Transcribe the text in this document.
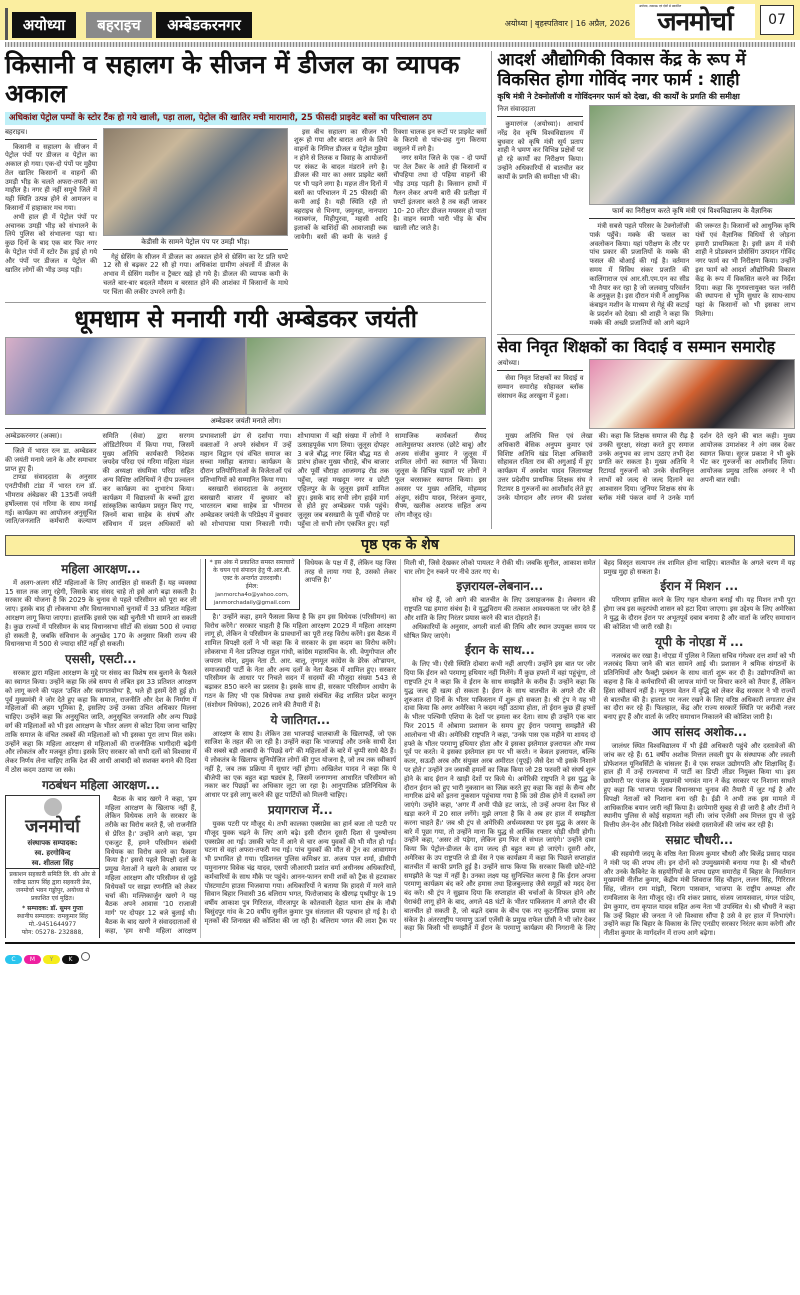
अयोध्या	बहराइच	अम्बेडकरनगर	अयोध्या | बृहस्पतिवार | 16 अप्रैल, 2026
अयोध्या, लखनऊ एवं दोनों से प्रकाशित
जनमोर्चा	07
किसानी व सहालग के सीजन में डीजल का व्यापक अकाल
अधिकांश पेट्रोल पम्पों के स्टोर टैंक हो गये खाली, पड़ा ताला, पेट्रोल की खातिर मची मारामारी, 25 फीसदी प्राइवेट बसों का परिचालन ठप
बहराइच।

किसानी व सहालग के सीजन में पेट्रोल पंपों पर डीजल व पेट्रोल का अकाल हो गया। एक-दो पंपों पर मुहैया तेल खातिर किसानों व वाहनों की उमड़ी भीड़ के चलते अफरा-तफरी का माहौल है। नगर ही नहीं समूचे जिले में यही स्थिति उत्पन्न होने से आमजन व किसानों में हाहाकार मच गया।

अभी हाल ही में पेट्रोल पंपों पर अचानक उमड़ी भीड़ को संभालने के लिये पुलिस को संभालना पड़ा था। कुछ दिनों के बाद एक बार फिर नगर के पेट्रोल पंपों में स्टोर टैंक ड्राई हो गये और पंपों पर डीजल व पेट्रोल की खातिर लोगों की भीड़ उमड़ पड़ी।

केडीसी के सामने पेट्रोल पंप पर उमड़ी भीड़।

गेहूं थ्रेसिंग के सीजन में डीजल का अकाल होने से थ्रेसिंग का रेट प्रति घण्टे 12 सौ से बढ़कर 22 सौ हो गया। अधिकांश ग्रामीण अंचलों में डीजल के अभाव में थ्रेसिंग मशीन व ट्रैक्टर खड़े हो गये है। डीजल की व्यापक कमी के चलते बार-बार बदलते मौसम व बरसात होने की आशंका में किसानों के माथे पर चिंता की लकीर उभरने लगी है।

इस बीच सहालग का सीजन भी शुरू हो गया और बारात आने के लिये वाहनों के निमित्त डीजल व पेट्रोल मुहैया न होने से तिलक व विवाह के आयोजनों पर संकट के बादल मंडराने लगे है। डीजल की मार का असर प्राइवेट बसों पर भी पड़ने लगा है। महज तीन दिनों में बसों का परिचालन में 25 फीसदी की कमी आई है। यही स्थिति रही तो बहराइच से भिनगा, जमुनहा, नानपारा नवाबगंज, मिहीपुरवा, महसी आदि इलाकों के बाशिंदों की आवाजाही रुक जायेगी। बसों की कमी के चलते ई रिक्शा चालक इन रूटों पर प्राइवेट बसों के किराये से पांच-छह गुना किराया वसूलने में लगे है।

नगर समेत जिले के एक - दो पम्पों पर तेल टैंकर के आते ही किसानों व चौपहिया तथा दो पहिया वाहनों की भीड़ उमड़ पड़ती है। किसान हाथों में गैलन लेकर अपनी बारी की प्रतीक्षा में घण्टों इंतजार करते है तब कहीं जाकर 10- 20 लीटर डीजल मयस्सर हो पाता है। वाहन स्वामी भारी भीड़ के बीच खाली लौट जाते है।

धूमधाम से मनायी गयी अम्बेडकर जयंती
अम्बेडकर जयंती मनाते लोग।
अम्बेडकरनगर (अक्स)।

जिले में भारत रत्न डा. अम्बेडकर की जयंती मनाये जाने के और समाचार प्राप्त हुए हैं।

टाण्डा संवाददाता के अनुसार एनटीपीसी टांडा में भारत रत्न डॉ. भीमराव अंबेडकर की 135वीं जयंती हर्षोल्लास एवं गरिमा के साथ मनाई गई। कार्यक्रम का आयोजन अनुसूचित जाति/जनजाति कर्मचारी कल्याण समिति (सेवा) द्वारा सरगम ऑडिटोरियम में किया गया, जिसमें मुख्य अतिथि कार्यकारी निदेशक जयदेव परिदा एवं गरिमा महिला मंडल की अध्यक्षा संघमित्रा परिदा सहित अन्य विशिष्ट अतिथियों ने दीप प्रज्वलन कर कार्यक्रम का शुभारंभ किया। कार्यक्रम में विद्यालयों के बच्चों द्वारा सांस्कृतिक कार्यक्रम प्रस्तुत किए गए, जिनमें बाबा साहेब के संघर्ष और संविधान में प्रदत्त अधिकारों को प्रभावशाली ढंग से दर्शाया गया। वक्ताओं ने अपने संबोधन में उन्हें महान विद्वान एवं वंचित समाज का सच्चा मसीहा बताया। कार्यक्रम के दौरान प्रतियोगिताओं के विजेताओं एवं प्रतिभागियों को सम्मानित किया गया।

बसखारी संवाददाता के अनुसार बसखारी बाजार में बुधवार को भारतरत्न बाबा साहेब डा भीमराव अम्बेडकर जयंती के परिप्रेक्ष्य में बुधवार को शोभायात्रा यात्रा निकाली गयी। शोभायात्रा में बड़ी संख्या में लोगों ने उत्साहपूर्वक भाग लिया। जुलूस दोपहर 3 बजे बौद्ध नगर स्थित बौद्ध मठ से प्रारंभ होकर मुख्य चौराहे, बीच बाजार और पूर्वी चौराहा आजमगढ़ रोड तक पहुँचा, जहां मखदूम नगर व छोटी एहिलपुर के के जुलूस इसमें शामिल हुए। इसके बाद सभी लोग हाईवे मार्ग से होते हुए अम्बेडकर पार्क पहुंचे। जुलूस जब बसखारी के पूर्वी चौराहे पर पहुँचा तो सभी लोग एकत्रित हुए। यहाँ सामाजिक कार्यकर्ता सैयद आलेमुस्तफा अशरफ (छोटे बाबू) और अजय संजीव कुमार ने जुलूस में शामिल लोगों का स्वागत भी किया। जुलूस के विभिन्न पड़ावों पर लोगों ने फूल बरसाकर स्वागत किया। इस अवसर पर मुख्य अतिथि, मोहम्मद अंजुम, संदीप यादव, निरंजन कुमार, सैफ्य, खलीक अशरफ सहित अन्य लोग मौजूद रहे।

आदर्श औद्योगिकी विकास केंद्र के रूप में
विकसित होगा गोविंद नगर फार्म : शाही
कृषि मंत्री ने टेक्नोलॉजी व गोविंदनगर फार्म को देखा, की कार्यों के प्रगति की समीक्षा
निज संवाददाता

कुमारगंज (अयोध्या)। आचार्य नरेंद्र देव कृषि विश्वविद्यालय में बुधवार को कृषि मंत्री सूर्य प्रताप शाही ने भ्रमण कर विभिन्न प्रक्षेत्रों पर हो रहे कार्यों का निरीक्षण किया। उन्होंने अधिकारियों से बातचीत कर कार्यों के प्रगति की समीक्षा भी की।

फार्म का निरीक्षण करते कृषि मंत्री एवं विश्वविद्यालय के वैज्ञानिक

मंत्री सबसे पहले परिसर के टेक्नोलॉजी पार्क पहुँचे। मक्के की फसल का अवलोकन किया। यहां परीक्षण के तौर पर पांच प्रकार की प्रजातियों के मक्के की फसल की बोआई की गई है। वर्तमान समय में विविध संकर प्रजाति की कालिंगाराज एवं आर.सी.एम.एन का सीड भी तैयार कर रहा है जो जलवायु परिवर्तन के अनुकूल है। इस दौरान मंत्री ने आधुनिक कंबाइन मशीन के माध्यम से गेहूं की कटाई के प्रदर्शन को देखा। श्री शाही ने कहा कि मक्के की अच्छी प्रजातियों को आगे बढ़ाने की जरूरत है। किसानों को आधुनिक कृषि यंत्रों एवं वैज्ञानिक विधियों से जोड़ना हमारी प्राथमिकता है। इसी क्रम में मंत्री शाही ने प्रोडक्शन प्रोसेसिंग उत्पादन गोविंद नगर फार्म का भी निरीक्षण किया। उन्होंने इस फार्म को आदर्श औद्योगिकी विकास केंद्र के रूप में विकसित करने का निर्देश दिया। कहा कि गुणवत्तायुक्त फल नर्सरी की स्थापना से भूमि सुधार के साथ-साथ यहां के किसानों को भी इसका लाभ मिलेगा।

सेवा निवृत शिक्षकों का विदाई व सम्मान समारोह
अयोध्या।

सेवा निवृत शिक्षकों का विदाई व सम्मान समारोह सोहावल ब्लॉक संसाधन केंद्र अरखुना में हुआ।

मुख्य अतिथि वित्त एवं लेखा अधिकारी बेसिक अनुपम कुमार एवं विशिष्ट अतिथि खंड शिक्षा अधिकारी सोहावल रविता राव की अगुआई में हुए कार्यक्रम में अवधेश यादव जिलाध्यक्ष उत्तर प्रदेशीय प्राथमिक शिक्षक संघ ने रिटायर 8 गुरुजनों का आशीर्वाद लेते हुए उनके योगदान और लगन की प्रशंसा की। कहा कि शिक्षक समाज की रीढ़ है उनकी सुरक्षा, संरक्षा करते हुए समाज उनके अनुभव का लाभ उठाए तभी देश प्रगति कर सकता है। मुख्य अतिथि ने रिटायर्ड गुरुजनों को उनके सेवानिवृत्त लाभों को जल्द से जल्द दिलाने का आश्वासन दिया। जूनियर शिक्षक संघ के ब्लॉक मंत्री पंकज वर्मा ने उनके मार्ग दर्शन देते रहने की बात कही। मुख्य आयोजक उमाशंकर ने अंग वस्त्र देकर स्वागत किया। सूरज प्रकाश ने भी बुके भेंट कर गुरुजनों का आशीर्वाद लिया। आयोजक प्रमुख तारिक अनवर ने भी अपनी बात रखी।

पृष्ठ एक के शेष
महिला आरक्षण...

में अलग-अलग सीटें महिलाओं के लिए आरक्षित हो सकती हैं। यह व्यवस्था 15 साल तक लागू रहेगी, जिसके बाद संसद चाहे तो इसे आगे बढ़ा सकती है। सरकार की योजना है कि 2029 के चुनाव से पहले परिसीमन को पूरा कर ली जाए। इसके बाद ही लोकसभा और विधानसभाओं चुनावों में 33 प्रतिशत महिला आरक्षण लागू किया जाएगा। हालांकि इससे एक बड़ी चुनौती भी सामने आ सकती है। कुछ राज्यों में परिसीमन के बाद विधानसभा सीटों की संख्या 500 से ज्यादा हो सकती है, जबकि संविधान के अनुच्छेद 170 के अनुसार किसी राज्य की विधानसभा में 500 से ज्यादा सीटें नहीं हो सकती।

एससी, एसटी...

सरकार द्वारा महिला आरक्षण के मुद्दे पर संसद का विशेष सत्र बुलाने के फैसले का स्वागत किया। उन्होंने कहा कि लंबे समय से लंबित इस 33 प्रतिशत आरक्षण को लागू करने की पहल 'उचित और स्वागतयोग्य' है, भले ही इसमें देरी हुई हो। पूर्व मुख्यमंत्री ने जोर देते हुए कहा कि समाज, राजनीति और देश के निर्माण में महिलाओं की अहम भूमिका है, इसलिए उन्हें उनका उचित अधिकार मिलना चाहिए। उन्होंने कहा कि अनुसूचित जाति, अनुसूचित जनजाति और अन्य पिछड़े वर्ग की महिलाओं को भी इस आरक्षण के भीतर अलग से कोटा दिया जाना चाहिए ताकि समाज के वंचित तबकों की महिलाओं को भी इसका पूरा लाभ मिल सके। उन्होंने कहा कि महिला आरक्षण से महिलाओं की राजनीतिक भागीदारी बढ़ेगी और लोकतंत्र और मजबूत होगा। इसके लिए सरकार को सभी दलों को विश्वास में लेकर निर्णय लेना चाहिए ताकि देश की आधी आबादी को सशक्त बनाने की दिशा में ठोस कदम उठाया जा सके।

गठबंधन महिला आरक्षण...
जनमोर्चा
संस्थापक सम्पादक:
स्व. हरगोविन्द
स्व. शीतला सिंह
प्रकाशन सहकारी समिति लि. की ओर से रवीन्द्र प्रताप सिंह द्वारा सहकारी प्रेस, जनमोर्चा भवन गड्डोपुर, अयोध्या से प्रकाशित एवं मुद्रित।
* सम्पादक: डॉ. सुमन गुप्ता
स्थानीय सम्पादक: रामकुमार सिंह
मो.-9451644977
फोन: 05278- 232888,
* इस अंक में प्रकाशित समस्त समाचारों के चयन एवं संपादन हेतु पी.आर.बी. एक्ट के अन्तर्गत उत्तरदायी।
ईमेल:
janmorcha4o@yahoo.com,
janmorchadaily@gmail.com

बैठक के बाद खरगे ने कहा, 'हम महिला आरक्षण के खिलाफ नहीं हैं, लेकिन विधेयक लाने के सरकार के तरीके का विरोध करते हैं, जो राजनीति से प्रेरित है।' उन्होंने आगे कहा, 'हम एकजुट हैं, हमने परिसीमन संबंधी विधेयक का विरोध करने का फैसला किया है।' इससे पहले विपक्षी दलों के प्रमुख नेताओं ने खरगे के आवास पर महिला आरक्षण और परिसीमन से जुड़े विधेयकों पर साझा रणनीति को लेकर चर्चा की। मल्लिकार्जुन खरगे ने यह बैठक अपने आवास '10 राजाजी मार्ग' पर दोपहर 12 बजे बुलाई थी। बैठक के बाद खरगे ने संवाददाताओं से कहा, 'हम सभी महिला आरक्षण विधेयक के पक्ष में हैं, लेकिन यह जिस तरह से लाया गया है, उसको लेकर आपत्ति है।'

है।' उन्होंने कहा, हमने फैसला किया है कि हम इस विधेयक (परिसीमन) का विरोध करेंगे।' सरकार चाहती है कि महिला आरक्षण 2029 में महिला आरक्षण लागू हो, लेकिन वे परिसीमन के प्रावधानों का पूरी तरह विरोध करेंगे। इस बैठक में शामिल विपक्षी दलों ने भी कहा कि वे सरकार के इस कदम का विरोध करेंगे। लोकसभा में नेता प्रतिपक्ष राहुल गांधी, कांग्रेस महासचिव के. सी. वेणुगोपाल और जयराम रमेश, द्रमुक नेता टी. आर. बालू, तृणमूल कांग्रेस के डेरेक ओ'ब्रायन, समाजवादी पार्टी के नेता और अन्य दलों के नेता बैठक में शामिल हुए। सरकार परिसीमन के आधार पर निचले सदन में सदस्यों की मौजूदा संख्या 543 से बढ़ाकर 850 करने का प्रस्ताव है। इसके साथ ही, सरकार परिसीमन आयोग के गठन के लिए भी एक विधेयक तथा इससे संबंधित केंद्र शासित प्रदेश कानून (संशोधन विधेयक), 2026 लाने की तैयारी में है।

ये जातिगत...

आरक्षण के साथ है। लेकिन उस भाजपाई चालबाजी के खिलाफहैं, जो एक साजिश के तहत की जा रही है। उन्होंने कहा कि भाजपाई और उनके साथी देश की सबसे बड़ी आबादी के 'पिछड़े वर्ग' की महिलाओं के बारे में चुप्पी साधे बैठे हैं। ये लोकतंत्र के खिलाफ सुनियोजित लोगों की गुप्त योजना है, जो तब तक स्वीकार्य नहीं है, जब तक प्रक्रिया में सुधार नहीं होगा। अखिलेश यादव ने कहा कि ये बीजेपी का एक बहुत बड़ा षड्यंत्र है, जिसमें जनगणना आधारित परिसीमन को नकार कर पिछड़ों का अधिकार लूटा जा रहा है। आनुपातिक प्रतिनिधित्व के आधार पर इसे लागू करने की छूट पार्टियों को मिलनी चाहिए।

प्रयागराज में...

युवक पटरी पर मौजूद थे। तभी कालका एक्सप्रेस का हार्न बजा तो पटरी पर मौजूद युवक चढ़ने के लिए आगे बढ़े। इसी दौरान दूसरी दिशा से पुरुषोत्तम एक्सप्रेस आ गई। उसकी चपेट में आने से चार अन्य युवकों की भी मौत हो गई। घटना से वहां अफरा-तफरी मच गई। पांच युवकों की मौत से ट्रेन का आवागमन भी प्रभावित हो गया। एडिशनल पुलिस कमिश्नर डा. अजय पाल शर्मा, डीसीपी यमुनानगर विवेक चंद्र यादव, एसपी जीआरपी प्रशांत वर्मा अधीनस्थ अधिकारियों, कर्मचारियों के साथ मौके पर पहुंचे। आनन-फानन सभी शवों को ट्रैक से हटवाकर पोस्टमार्टम हाउस भिजवाया गया। अधिकारियों ने बताया कि हादसे में मरने वाले सिवान बिहार निवासी 36 बलिराम भगत, फिरोजाबाद के खैरगढ़ पृथ्वीपुर के 19 वर्षीय आकाश पुत्र गिरिराज, मीरजापुर के कोतवाली देहात थाना क्षेत्र के नौबी बिसुंदपुर गांव के 20 वर्षीय सुनील कुमार पुत्र संतलाल की पहचान हो गई है। दो मृतकों की शिनाख्त की कोशिश की जा रही है। बलिराम भगत की लाश ट्रैक पर मिली थी, जिसे देखकर लोको पायलट ने रोकी थी। जबकि सुनील, आकाश समेत चार लोग ट्रेन रुकने पर नीचे उतर गए थे।

इज़रायल-लेबनान...

सोच रहे हैं, जो आगे की बातचीत के लिए उत्साहजनक है। लेबनान की राष्ट्रपति पद्य हमारा संबंध है। वे युद्धविराम की तत्काल आवश्यकता पर जोर देते हैं और शांति के लिए निरंतर प्रयास करने की बात दोहराते हैं।

अधिकारियों के अनुसार, अगली वार्ता की तिथि और स्थान उपयुक्त समय पर घोषित किए जाएंगे।

ईरान के साथ...

के लिए भी। ऐसी स्थिति दोबारा कभी नहीं आएगी। उन्होंने इस बात पर जोर दिया कि ईरान को परमाणु हथियार नहीं मिलेंगे। मैं कुछ हफ्तों में वहां पहुंचूंगा, तो राष्ट्रपति ट्रंप ने कहा कि वे ईरान के साथ समझौते के करीब हैं। उन्होंने कहा कि युद्ध जल्द ही खत्म हो सकता है। ईरान के साथ बातचीत के अगले दौर की शुरुआत दो दिनों के भीतर पाकिस्तान में शुरू हो सकता है। श्री ट्रंप ने यह भी दावा किया कि अगर अमेरिका ने कदम नहीं उठाया होता, तो ईरान कुछ ही हफ्तों के भीतर पश्चिमी एशिया के देशों पर हमला कर देता। साथ ही उन्होंने एक बार फिर 2015 में ओबामा प्रशासन के समय हुए ईरान परमाणु समझौते की आलोचना भी की। अमेरिकी राष्ट्रपति ने कहा, 'उनके पास एक महीने या शायद दो हफ्ते के भीतर परमाणु हथियार होता और वे इसका इस्तेमाल इजरायल और मध्य पूर्व पर करते। वे इसका इस्तेमाल हम पर भी करते। न केवल इजरायल, बल्कि कतर, सऊदी अरब और संयुक्त अरब अमीरात (यूएई) जैसे देश भी इसके निशाने पर होते।' उन्होंने उन जवाबी हमलों का जिक्र किया जो 28 फरवरी को संघर्ष शुरू होने के बाद ईरान ने खाड़ी देशों पर किये थे। अमेरिकी राष्ट्रपति ने इस युद्ध के दौरान ईरान को हुए भारी नुकसान का जिक्र करते हुए कहा कि वहां के सैन्य और नागरिक ढांचे को इतना नुकसान पहुंचाया गया है कि उसे ठीक होने में दशकों लग जाएंगे। उन्होंने कहा, 'अगर मैं अभी पीछे हट जाऊं, तो उन्हें अपना देश फिर से खड़ा करने में 20 साल लगेंगे। मुझे लगता है कि वे अब हर हाल में समझौता करना चाहते हैं।' जब श्री ट्रंप से अमेरिकी अर्थव्यवस्था पर इस युद्ध के असर के बारे में पूछा गया, तो उन्होंने माना कि युद्ध से आर्थिक रफ्तार थोड़ी धीमी होगी। उन्होंने कहा, 'असर तो पड़ेगा, लेकिन हम फिर से संभल जाएंगे।' उन्होंने दावा किया कि पेट्रोल-डीजल के दाम जल्द ही बहुत कम हो जाएंगे। दूसरी ओर, अमेरिका के उप राष्ट्रपति जे डी वेंस ने एक कार्यक्रम में कहा कि पिछले सप्ताहांत बातचीत में काफी प्रगति हुई है। उन्होंने साफ किया कि सरकार किसी छोटे-मोटे समझौते के पक्ष में नहीं है। उनका लक्ष्य यह सुनिश्चित करना है कि ईरान अपना परमाणु कार्यक्रम बंद करे और हमास तथा हिजबुल्लाह जैसे समूहों को मदद देना बंद करे। श्री ट्रंप ने सुझाव दिया कि सप्ताहांत की चर्चाओं के विफल होने और घेराबंदी लागू होने के बाद, अगले 48 घंटों के भीतर पाकिस्तान में अगले दौर की बातचीत हो सकती है, जो बढ़ते दबाव के बीच एक नए कूटनीतिक प्रयास का संकेत है। अंतरराष्ट्रीय परमाणु ऊर्जा एजेंसी के प्रमुख राफेल ग्रॉसी ने भी जोर देकर कहा कि किसी भी समझौते में ईरान के परमाणु कार्यक्रम की निगरानी के लिए बेहद विस्तृत सत्यापन तंत्र शामिल होना चाहिए। बातचीत के अगले चरण में यह प्रमुख मुद्दा हो सकता है।

ईरान में मिशन ...

परिणाम हासिल करने के लिए गहन योजना बनाई थी। यह मिशन तभी पूरा होगा जब इस कट्टरपंथी शासन को हटा दिया जाएगा। इस उद्देश्य के लिए अमेरिका ने युद्ध के दौरान ईरान पर अभूतपूर्व दबाव बनाया है और वार्ता के जरिए समाधान की कोशिश भी जारी रखी है।

यूपी के नोएडा में ...

नजरबंद कर रखा है। नोएडा में पुलिस ने जिला सचिव गंगेश्वर दत्त शर्मा को भी नजरबंद किया जाने की बात सामने आई थी। प्रशासन ने श्रमिक संगठनों के प्रतिनिधियों और फैक्ट्री प्रबंधन के साथ वार्ता शुरू कर दी है। उद्योगपतियों का कहना है कि वे कर्मचारियों की जायज मांगों पर विचार करने को तैयार हैं, लेकिन हिंसा स्वीकार्य नहीं है। न्यूनतम वेतन में वृद्धि को लेकर केंद्र सरकार ने भी राज्यों से बातचीत की है। हालात पर नजर रखने के लिए वरिष्ठ अधिकारी लगातार क्षेत्र का दौरा कर रहे हैं। फिलहाल, केंद्र और राज्य सरकारें स्थिति पर करीबी नजर बनाए हुए हैं और वार्ता के जरिए समाधान निकालने की कोशिश जारी है।

आप सांसद अशोक...

जालंधर स्थित विश्वविद्यालय में भी ईडी अधिकारी पहुंचे और दस्तावेजों की जांच कर रहे हैं। 61 वर्षीय अशोक मित्तल लवली ग्रुप के संस्थापक और लवली प्रोफेशनल यूनिवर्सिटी के चांसलर हैं। वे एक सफल उद्योगपति और शिक्षाविद् हैं। हाल ही में उन्हें राज्यसभा में पार्टी का डिप्टी लीडर नियुक्त किया था। इस छापेमारी पर पंजाब के मुख्यमंत्री भगवंत मान ने केंद्र सरकार पर निशाना साधते हुए कहा कि भाजपा पंजाब विधानसभा चुनाव की तैयारी में जुट गई है और विपक्षी नेताओं को निशाना बना रही है। ईडी ने अभी तक इस मामले में आधिकारिक बयान जारी नहीं किया है। छापेमारी सुबह से ही जारी है और टीमों ने स्थानीय पुलिस से कोई सहायता नहीं ली। जांच एजेंसी अब मित्तल ग्रुप से जुड़े वित्तीय लेन-देन और विदेशी निवेश संबंधी दस्तावेजों की जांच कर रही है।

सम्राट चौधरी...

की सहयोगी जदयू के वरिष्ठ नेता विजय कुमार चौधरी और बिजेंद्र प्रसाद यादव ने मंत्री पद की शपथ ली। इन दोनों को उपमुख्यमंत्री बनाया गया है। श्री चौधरी और उनके कैबिनेट के सहयोगियों के शपथ ग्रहण समारोह में बिहार के निवर्तमान मुख्यमंत्री नीतीश कुमार, केंद्रीय मंत्री शिवराज सिंह चौहान, ललन सिंह, गिरिराज सिंह, जीतन राम मांझी, चिराग पासवान, भाजपा के राष्ट्रीय अध्यक्ष और रामविलास के नेता मौजूद रहे। रवि शंकर प्रसाद, संजय जायसवाल, मंगल पांडेय, प्रेम कुमार, राम कृपाल यादव सहित अन्य नेता भी उपस्थित थे। श्री चौधरी ने कहा कि उन्हें बिहार की जनता ने जो विश्वास सौंपा है उसे वे हर हाल में निभाएंगे। उन्होंने कहा कि बिहार के विकास के लिए एनडीए सरकार निरंतर काम करेगी और नीतीश कुमार के मार्गदर्शन में राज्य आगे बढ़ेगा।

C M Y	K
